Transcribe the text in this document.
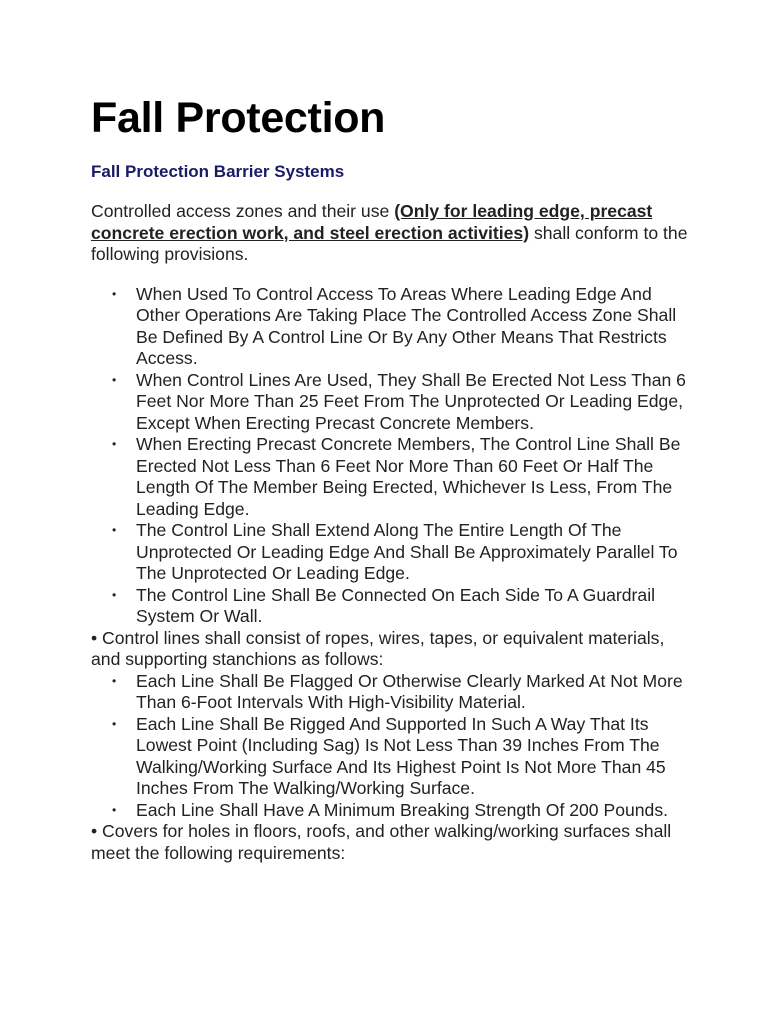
Fall Protection
Fall Protection Barrier Systems

Controlled access zones and their use (Only for leading edge, precast concrete erection work, and steel erection activities) shall conform to the following provisions.

• When Used To Control Access To Areas Where Leading Edge And Other Operations Are Taking Place The Controlled Access Zone Shall Be Defined By A Control Line Or By Any Other Means That Restricts Access.
• When Control Lines Are Used, They Shall Be Erected Not Less Than 6 Feet Nor More Than 25 Feet From The Unprotected Or Leading Edge, Except When Erecting Precast Concrete Members.
• When Erecting Precast Concrete Members, The Control Line Shall Be Erected Not Less Than 6 Feet Nor More Than 60 Feet Or Half The Length Of The Member Being Erected, Whichever Is Less, From The Leading Edge.
• The Control Line Shall Extend Along The Entire Length Of The Unprotected Or Leading Edge And Shall Be Approximately Parallel To The Unprotected Or Leading Edge.
• The Control Line Shall Be Connected On Each Side To A Guardrail System Or Wall.

• Control lines shall consist of ropes, wires, tapes, or equivalent materials, and supporting stanchions as follows:

• Each Line Shall Be Flagged Or Otherwise Clearly Marked At Not More Than 6-Foot Intervals With High-Visibility Material.
• Each Line Shall Be Rigged And Supported In Such A Way That Its Lowest Point (Including Sag) Is Not Less Than 39 Inches From The Walking/Working Surface And Its Highest Point Is Not More Than 45 Inches From The Walking/Working Surface.
• Each Line Shall Have A Minimum Breaking Strength Of 200 Pounds.

• Covers for holes in floors, roofs, and other walking/working surfaces shall meet the following requirements:
